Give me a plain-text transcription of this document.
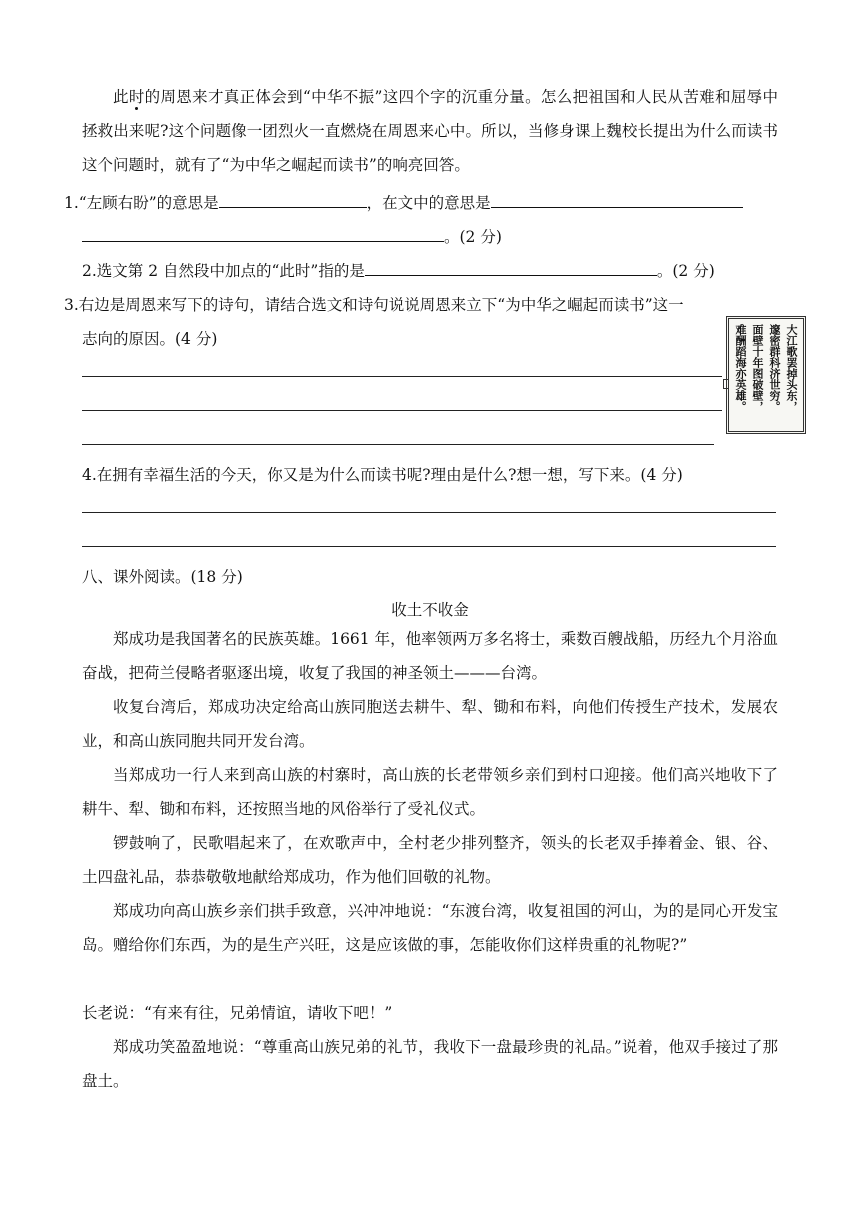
此时的周恩来才真正体会到“中华不振”这四个字的沉重分量。怎么把祖国和人民从苦难和屈辱中拯救出来呢?这个问题像一团烈火一直燃烧在周恩来心中。所以，当修身课上魏校长提出为什么而读书这个问题时，就有了“为中华之崛起而读书”的响亮回答。

1.“左顾右盼”的意思是	，在文中的意思是

。(2 分)

2.选文第 2 自然段中加点的“此时”指的是	。(2 分)

3.右边是周恩来写下的诗句，请结合选文和诗句说说周恩来立下“为中华之崛起而读书”这一

志向的原因。(4 分)	大江歌罢掉头东，
邃密群科济世穷。
面壁十年图破壁，
难酬蹈海亦英雄。

4.在拥有幸福生活的今天，你又是为什么而读书呢?理由是什么?想一想，写下来。(4 分)

八、课外阅读。(18 分)

收土不收金

郑成功是我国著名的民族英雄。1661 年，他率领两万多名将士，乘数百艘战船，历经九个月浴血奋战，把荷兰侵略者驱逐出境，收复了我国的神圣领土———台湾。

收复台湾后，郑成功决定给高山族同胞送去耕牛、犁、锄和布料，向他们传授生产技术，发展农业，和高山族同胞共同开发台湾。

当郑成功一行人来到高山族的村寨时，高山族的长老带领乡亲们到村口迎接。他们高兴地收下了耕牛、犁、锄和布料，还按照当地的风俗举行了受礼仪式。

锣鼓响了，民歌唱起来了，在欢歌声中，全村老少排列整齐，领头的长老双手捧着金、银、谷、土四盘礼品，恭恭敬敬地献给郑成功，作为他们回敬的礼物。

郑成功向高山族乡亲们拱手致意，兴冲冲地说：“东渡台湾，收复祖国的河山，为的是同心开发宝岛。赠给你们东西，为的是生产兴旺，这是应该做的事，怎能收你们这样贵重的礼物呢?”

长老说：“有来有往，兄弟情谊，请收下吧！”

郑成功笑盈盈地说：“尊重高山族兄弟的礼节，我收下一盘最珍贵的礼品。”说着，他双手接过了那盘土。
